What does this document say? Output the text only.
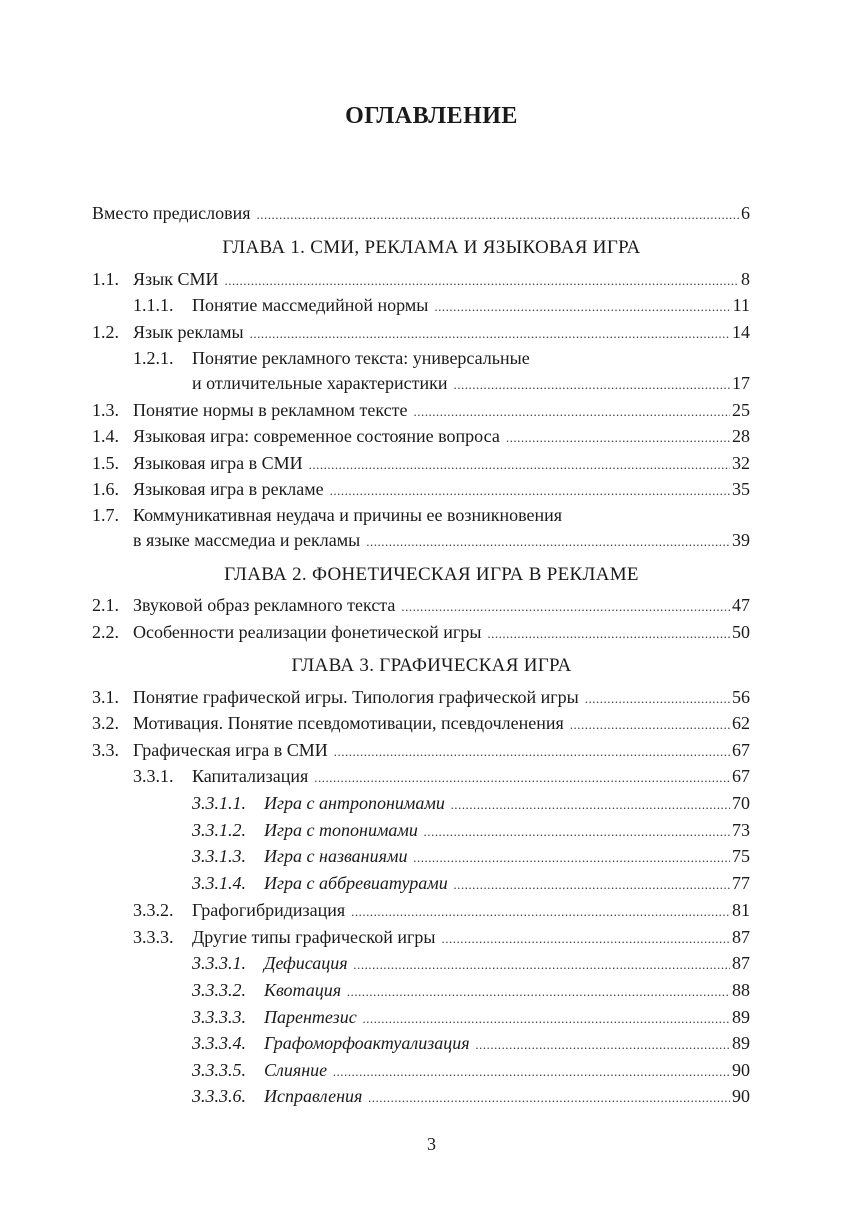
ОГЛАВЛЕНИЕ
Вместо предисловия .....	6
ГЛАВА 1. СМИ, РЕКЛАМА И ЯЗЫКОВАЯ ИГРА
1.1. Язык СМИ .....	8
1.1.1.	Понятие массмедийной нормы .....	11
1.2. Язык рекламы .....	14
1.2.1. Понятие рекламного текста: универсальные
и отличительные характеристики .....	17
1.3. Понятие нормы в рекламном тексте .....	25
1.4. Языковая игра: современное состояние вопроса .....	28
1.5. Языковая игра в СМИ .....	32
1.6. Языковая игра в рекламе .....	35
1.7. Коммуникативная неудача и причины ее возникновения
в языке массмедиа и рекламы .....	39
ГЛАВА 2. ФОНЕТИЧЕСКАЯ ИГРА В РЕКЛАМЕ
2.1. Звуковой образ рекламного текста .....	47
2.2. Особенности реализации фонетической игры .....	50
ГЛАВА 3. ГРАФИЧЕСКАЯ ИГРА
3.1. Понятие графической игры. Типология графической игры .....	56
3.2. Мотивация. Понятие псевдомотивации, псевдочленения .....	62
3.3. Графическая игра в СМИ .....	67
3.3.1.	Капитализация .....	67
3.3.1.1.	Игра с антропонимами .....	70
3.3.1.2.	Игра с топонимами .....	73
3.3.1.3.	Игра с названиями .....	75
3.3.1.4.	Игра с аббревиатурами .....	77
3.3.2.	Графогибридизация .....	81
3.3.3.	Другие типы графической игры .....	87
3.3.3.1.	Дефисация .....	87
3.3.3.2.	Квотация .....	88
3.3.3.3.	Парентезис .....	89
3.3.3.4.	Графоморфоактуализация .....	89
3.3.3.5.	Слияние .....	90
3.3.3.6.	Исправления .....	90
3
